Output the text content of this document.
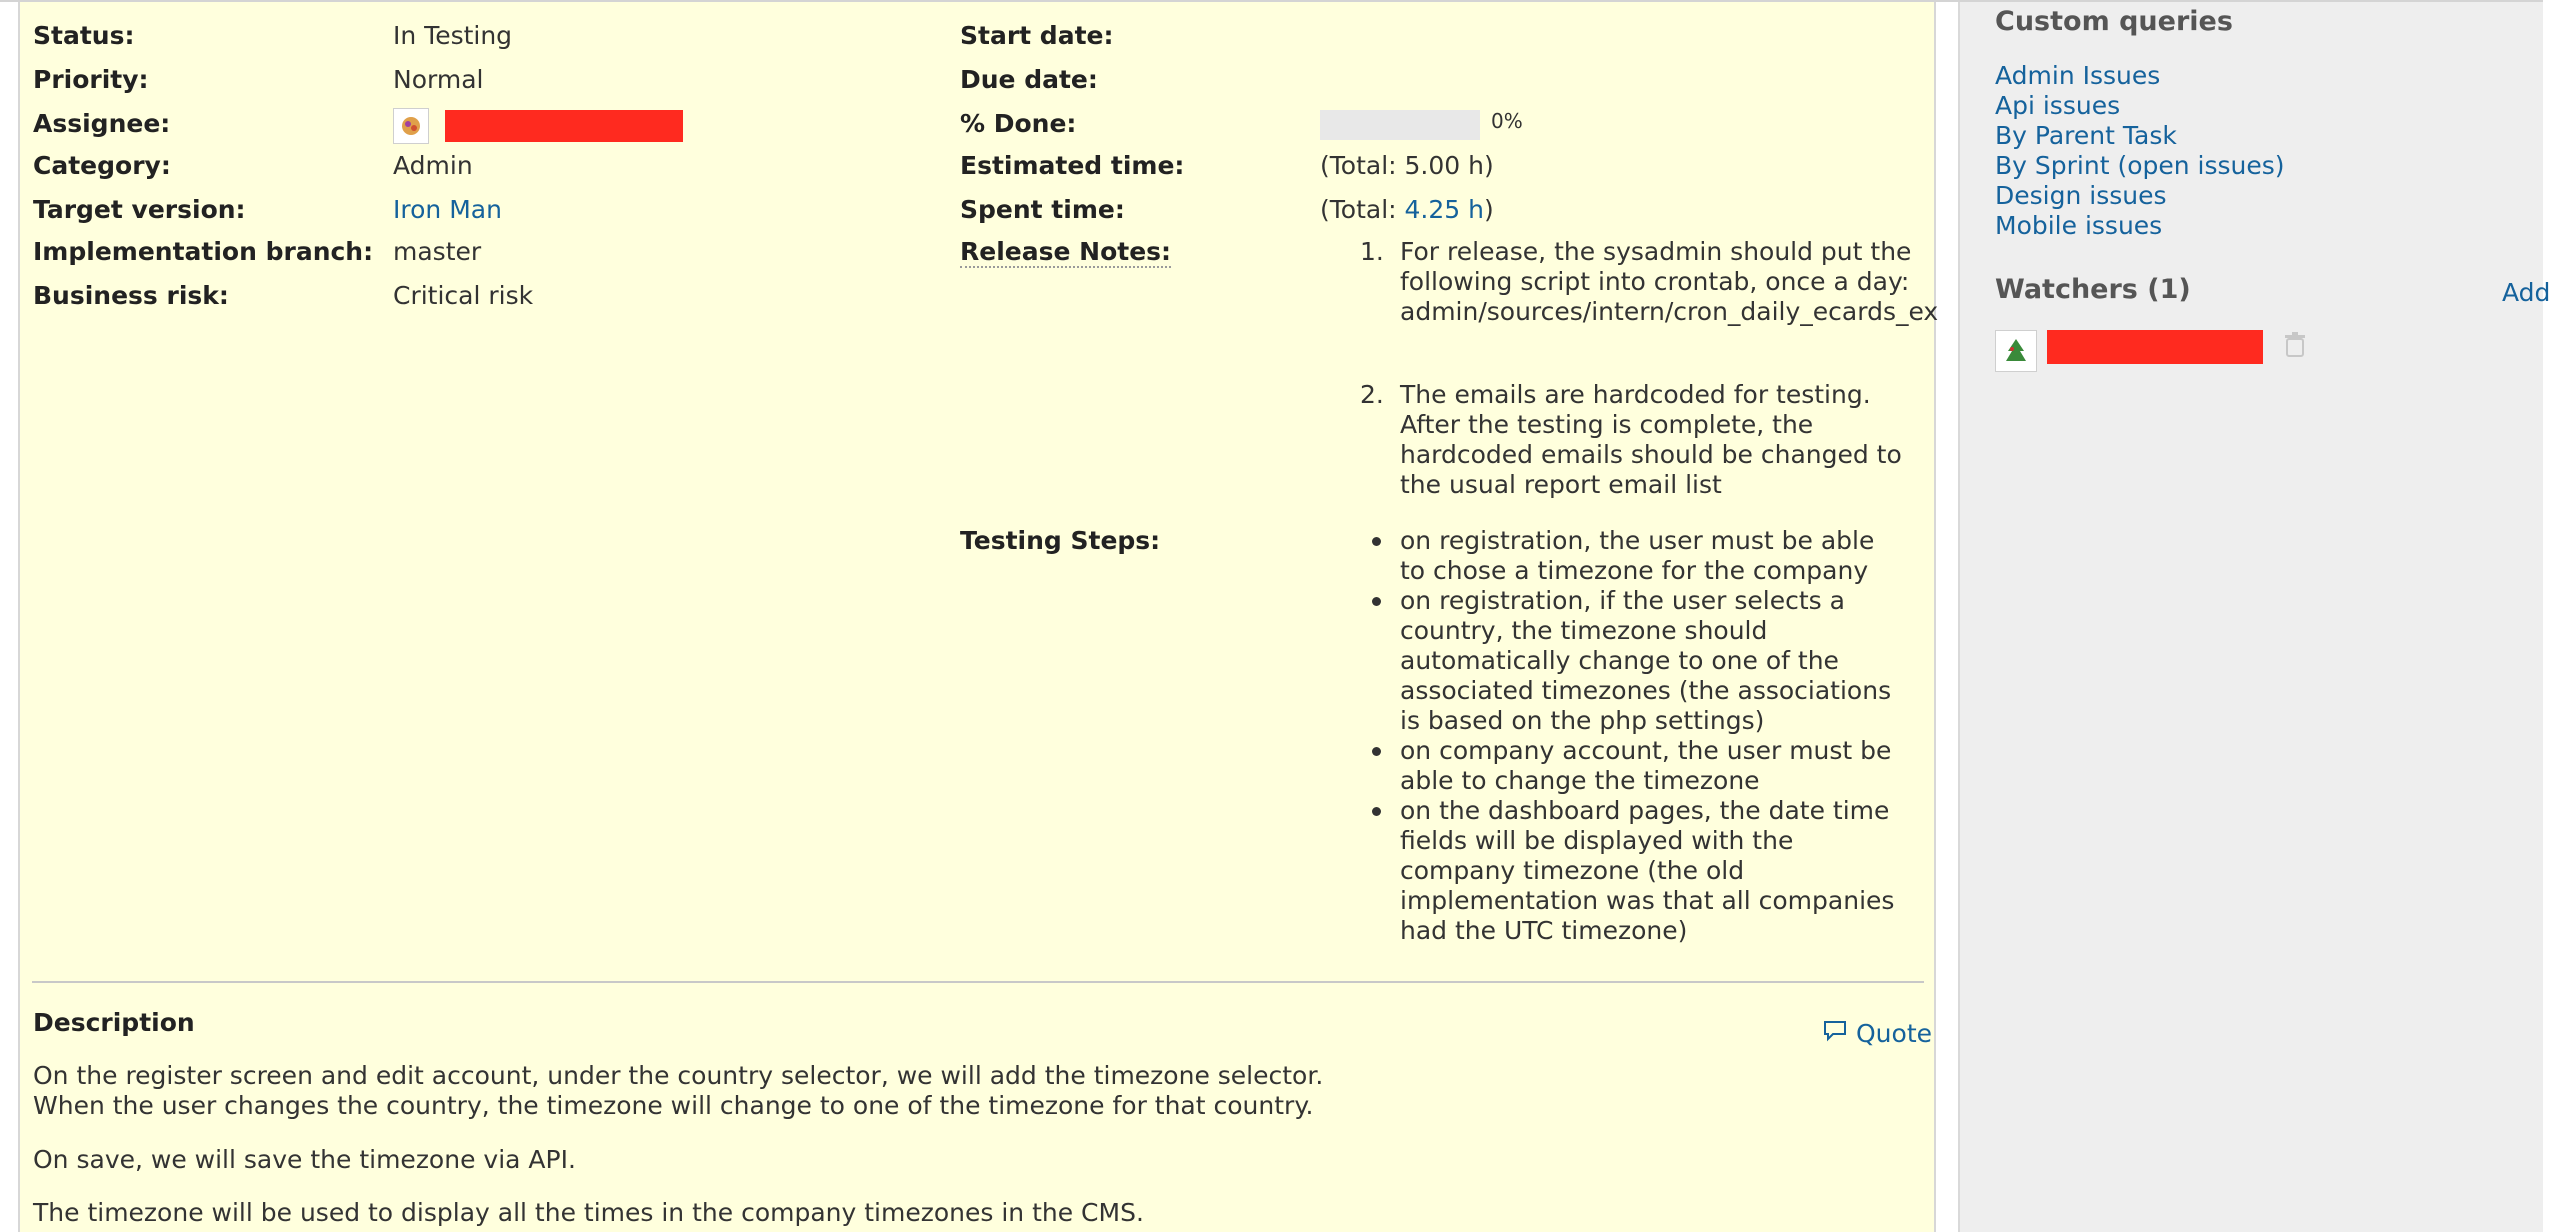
Status:	In Testing
Priority:	Normal
Assignee:
Category:	Admin
Target version:	Iron Man
Implementation branch: master
Business risk:	Critical risk
Start date:
Due date:
% Done:	0%
Estimated time:	(Total: 5.00 h)
Spent time:	(Total: 4.25 h)
Release Notes:	1. For release, the sysadmin should put the following script into crontab, once a day: admin/sources/intern/cron_daily_ecards_ex
2. The emails are hardcoded for testing. After the testing is complete, the hardcoded emails should be changed to the usual report email list
Testing Steps:	on registration, the user must be able to chose a timezone for the company
on registration, if the user selects a country, the timezone should automatically change to one of the associated timezones (the associations is based on the php settings)
on company account, the user must be able to change the timezone
on the dashboard pages, the date time fields will be displayed with the company timezone (the old implementation was that all companies had the UTC timezone)
Description	Quote
On the register screen and edit account, under the country selector, we will add the timezone selector.
When the user changes the country, the timezone will change to one of the timezone for that country.
On save, we will save the timezone via API.
The timezone will be used to display all the times in the company timezones in the CMS.
Custom queries
Admin Issues
Api issues
By Parent Task
By Sprint (open issues)
Design issues
Mobile issues
Watchers (1)	Add
